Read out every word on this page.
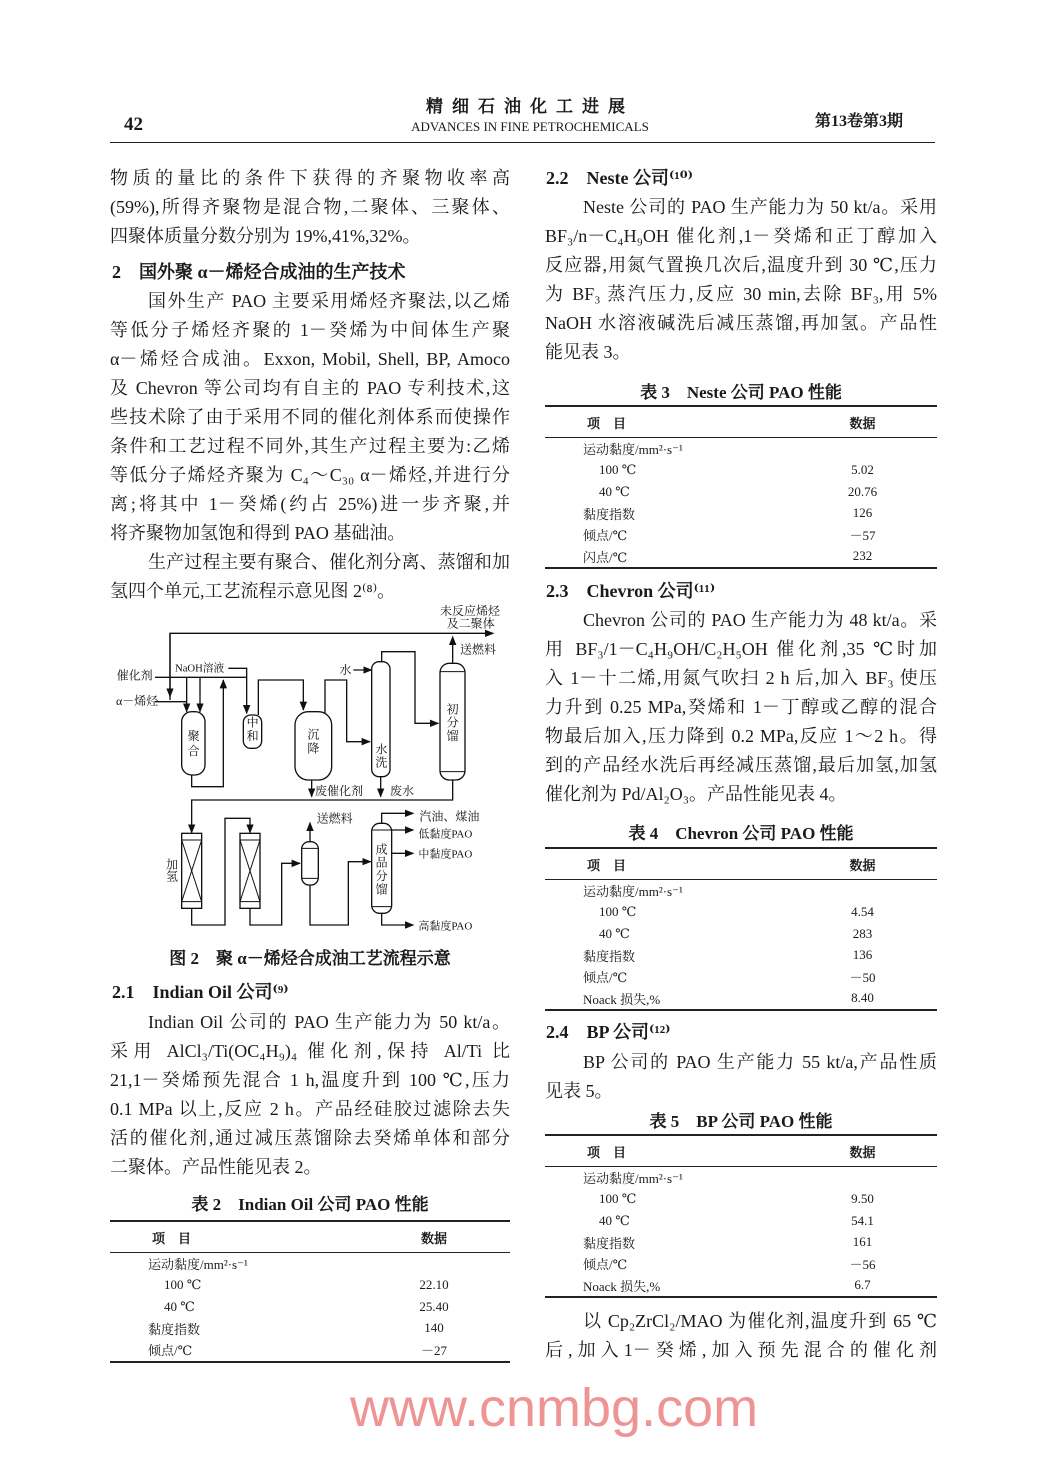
42
精细石油化工进展
ADVANCES IN FINE PETROCHEMICALS	第13卷第3期
物质的量比的条件下获得的齐聚物收率高
(59%),所得齐聚物是混合物,二聚体、三聚体、
四聚体质量分数分别为 19%,41%,32%。
2　国外聚 α－烯烃合成油的生产技术
国外生产 PAO 主要采用烯烃齐聚法,以乙烯
等低分子烯烃齐聚的 1－癸烯为中间体生产聚
α－烯烃合成油。Exxon, Mobil, Shell, BP, Amoco
及 Chevron 等公司均有自主的 PAO 专利技术,这
些技术除了由于采用不同的催化剂体系而使操作
条件和工艺过程不同外,其生产过程主要为:乙烯
等低分子烯烃齐聚为 C₄～C₃₀ α－烯烃,并进行分
离;将其中 1－癸烯(约占 25%)进一步齐聚,并
将齐聚物加氢饱和得到 PAO 基础油。
生产过程主要有聚合、催化剂分离、蒸馏和加
氢四个单元,工艺流程示意见图 2⁽⁸⁾。
未反应烯烃
及二聚体
送燃料
NaOH溶液
催化剂
α－烯烃
聚
合
中
和 沉
降
水
水
洗
初
分
馏
废催化剂 废水
送燃料
加
氢
成
品
分
馏
汽油、煤油
低黏度PAO
中黏度PAO
高黏度PAO
图 2　聚 α－烯烃合成油工艺流程示意
2.1　Indian Oil 公司⁽⁹⁾
Indian Oil 公司的 PAO 生产能力为 50 kt/a。
采用 AlCl₃/Ti(OC₄H₉)₄ 催化剂,保持 Al/Ti 比
21,1－癸烯预先混合 1 h,温度升到 100 ℃,压力
0.1 MPa 以上,反应 2 h。产品经硅胶过滤除去失
活的催化剂,通过减压蒸馏除去癸烯单体和部分
二聚体。产品性能见表 2。
表 2　Indian Oil 公司 PAO 性能
项　目	数据
运动黏度/mm²·s⁻¹	
100 ℃	22.10
40 ℃	25.40
黏度指数	140
倾点/℃	－27
2.2　Neste 公司⁽¹⁰⁾
Neste 公司的 PAO 生产能力为 50 kt/a。采用
BF₃/n－C₄H₉OH 催化剂,1－癸烯和正丁醇加入
反应器,用氮气置换几次后,温度升到 30 ℃,压力
为 BF₃ 蒸汽压力,反应 30 min,去除 BF₃,用 5%
NaOH 水溶液碱洗后减压蒸馏,再加氢。产品性
能见表 3。
表 3　Neste 公司 PAO 性能
项　目	数据
运动黏度/mm²·s⁻¹	
100 ℃	5.02
40 ℃	20.76
黏度指数	126
倾点/℃	－57
闪点/℃	232
2.3　Chevron 公司⁽¹¹⁾
Chevron 公司的 PAO 生产能力为 48 kt/a。采
用 BF₃/1－C₄H₉OH/C₂H₅OH 催化剂,35 ℃时加
入 1－十二烯,用氮气吹扫 2 h 后,加入 BF₃ 使压
力升到 0.25 MPa,癸烯和 1－丁醇或乙醇的混合
物最后加入,压力降到 0.2 MPa,反应 1～2 h。得
到的产品经水洗后再经减压蒸馏,最后加氢,加氢
催化剂为 Pd/Al₂O₃。产品性能见表 4。
表 4　Chevron 公司 PAO 性能
项　目	数据
运动黏度/mm²·s⁻¹	
100 ℃	4.54
40 ℃	283
黏度指数	136
倾点/℃	－50
Noack 损失,%	8.40
2.4　BP 公司⁽¹²⁾
BP 公司的 PAO 生产能力 55 kt/a,产品性质
见表 5。
表 5　BP 公司 PAO 性能
项　目	数据
运动黏度/mm²·s⁻¹	
100 ℃	9.50
40 ℃	54.1
黏度指数	161
倾点/℃	－56
Noack 损失,%	6.7
以 Cp₂ZrCl₂/MAO 为催化剂,温度升到 65 ℃
后,加入1－癸烯,加入预先混合的催化剂
www.cnmbg.com
